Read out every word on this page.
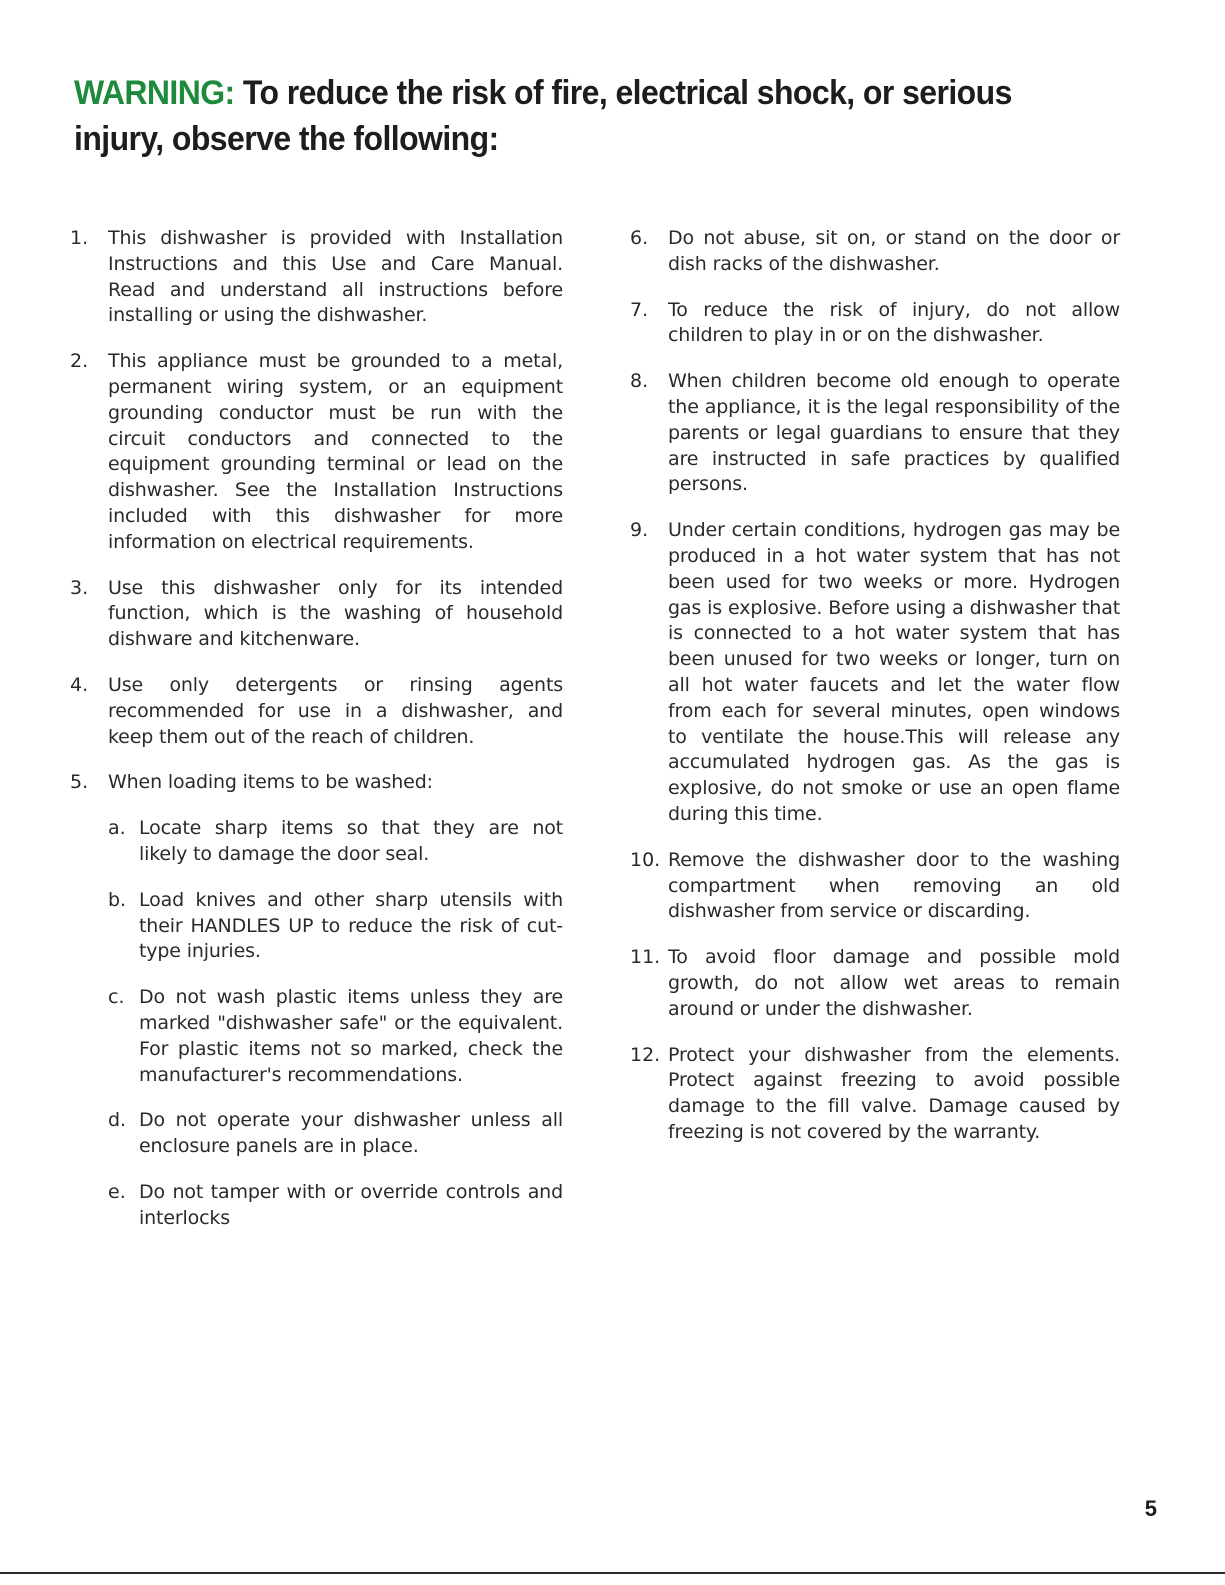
WARNING: To reduce the risk of fire, electrical shock, or serious injury, observe the following:
1. This dishwasher is provided with Installation Instructions and this Use and Care Manual. Read and understand all instructions before installing or using the dishwasher.
2. This appliance must be grounded to a metal, permanent wiring system, or an equipment grounding conductor must be run with the circuit conductors and connected to the equipment grounding terminal or lead on the dishwasher. See the Installation Instructions included with this dishwasher for more information on electrical requirements.
3. Use this dishwasher only for its intended function, which is the washing of household dishware and kitchenware.
4. Use only detergents or rinsing agents recommended for use in a dishwasher, and keep them out of the reach of children.
5. When loading items to be washed:
a. Locate sharp items so that they are not likely to damage the door seal.
b. Load knives and other sharp utensils with their HANDLES UP to reduce the risk of cut-type injuries.
c. Do not wash plastic items unless they are marked "dishwasher safe" or the equivalent. For plastic items not so marked, check the manufacturer's recommendations.
d. Do not operate your dishwasher unless all enclosure panels are in place.
e. Do not tamper with or override controls and interlocks
6. Do not abuse, sit on, or stand on the door or dish racks of the dishwasher.
7. To reduce the risk of injury, do not allow children to play in or on the dishwasher.
8. When children become old enough to operate the appliance, it is the legal responsibility of the parents or legal guardians to ensure that they are instructed in safe practices by qualified persons.
9. Under certain conditions, hydrogen gas may be produced in a hot water system that has not been used for two weeks or more. Hydrogen gas is explosive. Before using a dishwasher that is connected to a hot water system that has been unused for two weeks or longer, turn on all hot water faucets and let the water flow from each for several minutes, open windows to ventilate the house.This will release any accumulated hydrogen gas. As the gas is explosive, do not smoke or use an open flame during this time.
10. Remove the dishwasher door to the washing compartment when removing an old dishwasher from service or discarding.
11. To avoid floor damage and possible mold growth, do not allow wet areas to remain around or under the dishwasher.
12. Protect your dishwasher from the elements. Protect against freezing to avoid possible damage to the fill valve. Damage caused by freezing is not covered by the warranty.
5
